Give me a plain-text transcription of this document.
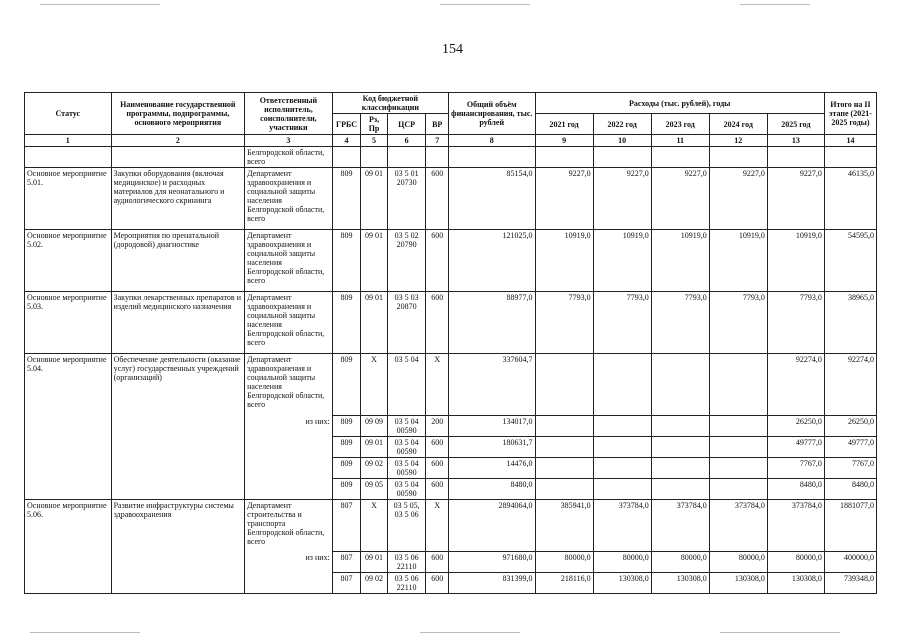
154
Статус	Наименование государственной программы, подпрограммы, основного мероприятия	Ответственный исполнитель, соисполнители, участники	Код бюджетной классификации				Общий объём финансирования, тыс. рублей	Расходы (тыс. рублей), годы					Итого на II этапе (2021-2025 годы)
			ГРБС	Рз, Пр	ЦСР	ВР		2021 год	2022 год	2023 год	2024 год	2025 год	

1	2	3	4	5	6	7	8	9	10	11	12	13	14
		Белгородской области, всего											
Основное мероприятие 5.01.	Закупки оборудования (включая медицинское) и расходных материалов для неонатального и аудиологического скрининга	Департамент здравоохранения и социальной защиты населения Белгородской области, всего	809	09 01	03 5 01 20730	600	85154,0	9227,0	9227,0	9227,0	9227,0	9227,0	46135,0
Основное мероприятие 5.02.	Мероприятия по пренатальной (дородовой) диагностике	Департамент здравоохранения и социальной защиты населения Белгородской области, всего	809	09 01	03 5 02 20790	600	121025,0	10919,0	10919,0	10919,0	10919,0	10919,0	54595,0
Основное мероприятие 5.03.	Закупки лекарственных препаратов и изделий медицинского назначения	Департамент здравоохранения и социальной защиты населения Белгородской области, всего	809	09 01	03 5 03 20870	600	88977,0	7793,0	7793,0	7793,0	7793,0	7793,0	38965,0
Основное мероприятие 5.04.	Обеспечение деятельности (оказание услуг) государственных учреждений (организаций)	Департамент здравоохранения и социальной защиты населения Белгородской области, всего	809	Х	03 5 04	Х	337604,7					92274,0	92274,0
		из них:	809	09 09	03 5 04 00590	200	134017,0					26250,0	26250,0
			809	09 01	03 5 04 00590	600	180631,7					49777,0	49777,0
			809	09 02	03 5 04 00590	600	14476,0					7767,0	7767,0
			809	09 05	03 5 04 00590	600	8480,0					8480,0	8480,0
Основное мероприятие 5.06.	Развитие инфраструктуры системы здравоохранения	Департамент строительства и транспорта Белгородской области, всего	807	Х	03 5 05, 03 5 06	Х	2894064,0	385941,0	373784,0	373784,0	373784,0	373784,0	1881077,0
		из них:	807	09 01	03 5 06 22110	600	971680,0	80000,0	80000,0	80000,0	80000,0	80000,0	400000,0
			807	09 02	03 5 06 22110	600	831399,0	218116,0	130308,0	130308,0	130308,0	130308,0	739348,0
